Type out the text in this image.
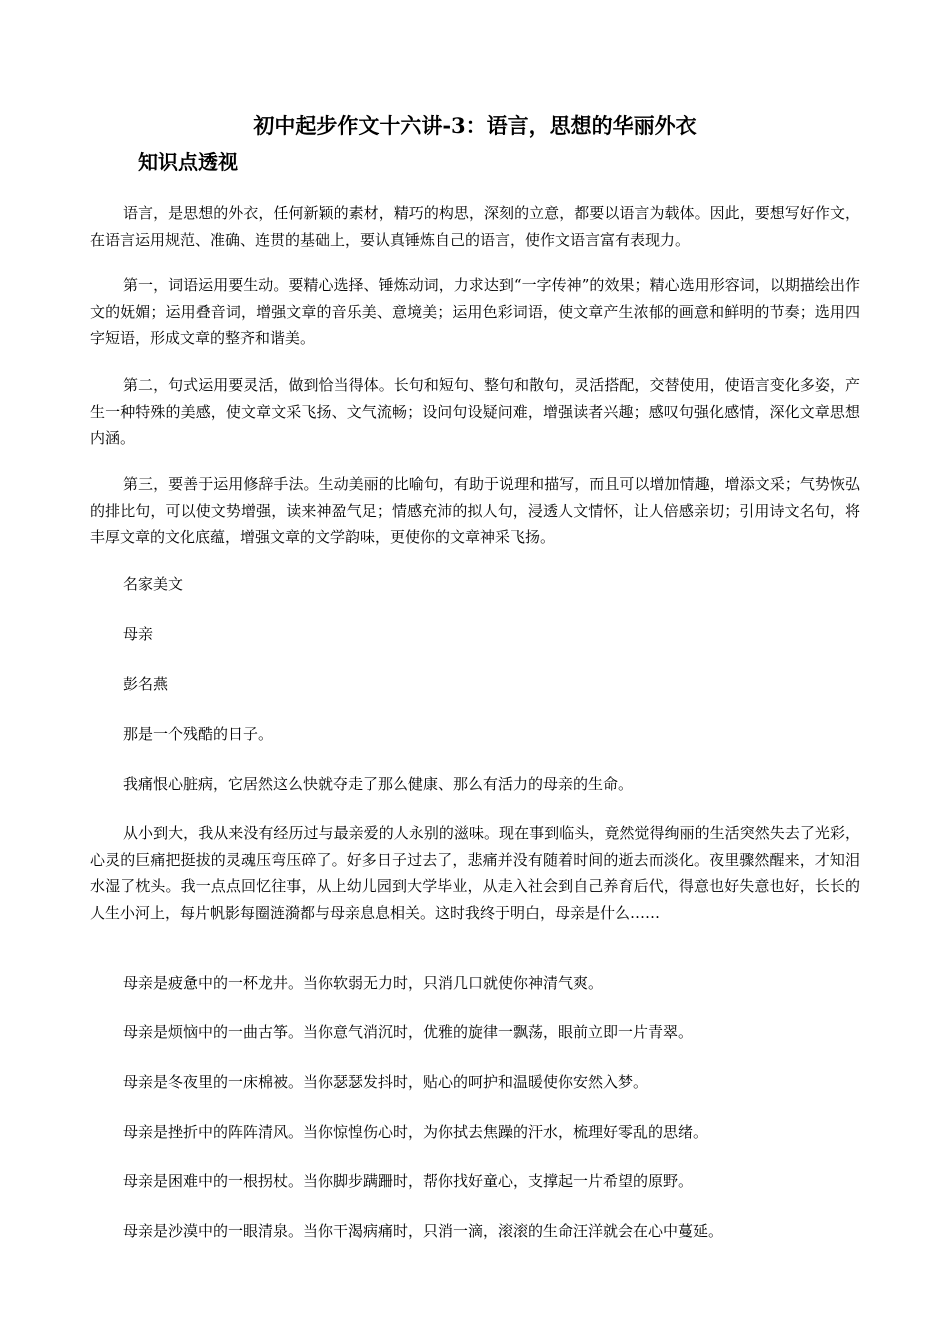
初中起步作文十六讲-3：语言，思想的华丽外衣
知识点透视

语言，是思想的外衣，任何新颖的素材，精巧的构思，深刻的立意，都要以语言为载体。因此，要想写好作文，在语言运用规范、准确、连贯的基础上，要认真锤炼自己的语言，使作文语言富有表现力。

第一，词语运用要生动。要精心选择、锤炼动词，力求达到“一字传神”的效果；精心选用形容词，以期描绘出作文的妩媚；运用叠音词，增强文章的音乐美、意境美；运用色彩词语，使文章产生浓郁的画意和鲜明的节奏；选用四字短语，形成文章的整齐和谐美。

第二，句式运用要灵活，做到恰当得体。长句和短句、整句和散句，灵活搭配，交替使用，使语言变化多姿，产生一种特殊的美感，使文章文采飞扬、文气流畅；设问句设疑问难，增强读者兴趣；感叹句强化感情，深化文章思想内涵。

第三，要善于运用修辞手法。生动美丽的比喻句，有助于说理和描写，而且可以增加情趣，增添文采；气势恢弘的排比句，可以使文势增强，读来神盈气足；情感充沛的拟人句，浸透人文情怀，让人倍感亲切；引用诗文名句，将丰厚文章的文化底蕴，增强文章的文学韵味，更使你的文章神采飞扬。

名家美文

母亲

彭名燕

那是一个残酷的日子。

我痛恨心脏病，它居然这么快就夺走了那么健康、那么有活力的母亲的生命。

从小到大，我从来没有经历过与最亲爱的人永别的滋味。现在事到临头，竟然觉得绚丽的生活突然失去了光彩，心灵的巨痛把挺拔的灵魂压弯压碎了。好多日子过去了，悲痛并没有随着时间的逝去而淡化。夜里骤然醒来，才知泪水湿了枕头。我一点点回忆往事，从上幼儿园到大学毕业，从走入社会到自己养育后代，得意也好失意也好，长长的人生小河上，每片帆影每圈涟漪都与母亲息息相关。这时我终于明白，母亲是什么……

母亲是疲惫中的一杯龙井。当你软弱无力时，只消几口就使你神清气爽。

母亲是烦恼中的一曲古筝。当你意气消沉时，优雅的旋律一飘荡，眼前立即一片青翠。

母亲是冬夜里的一床棉被。当你瑟瑟发抖时，贴心的呵护和温暖使你安然入梦。

母亲是挫折中的阵阵清风。当你惊惶伤心时，为你拭去焦躁的汗水，梳理好零乱的思绪。

母亲是困难中的一根拐杖。当你脚步蹒跚时，帮你找好童心，支撑起一片希望的原野。

母亲是沙漠中的一眼清泉。当你干渴病痛时，只消一滴，滚滚的生命汪洋就会在心中蔓延。
